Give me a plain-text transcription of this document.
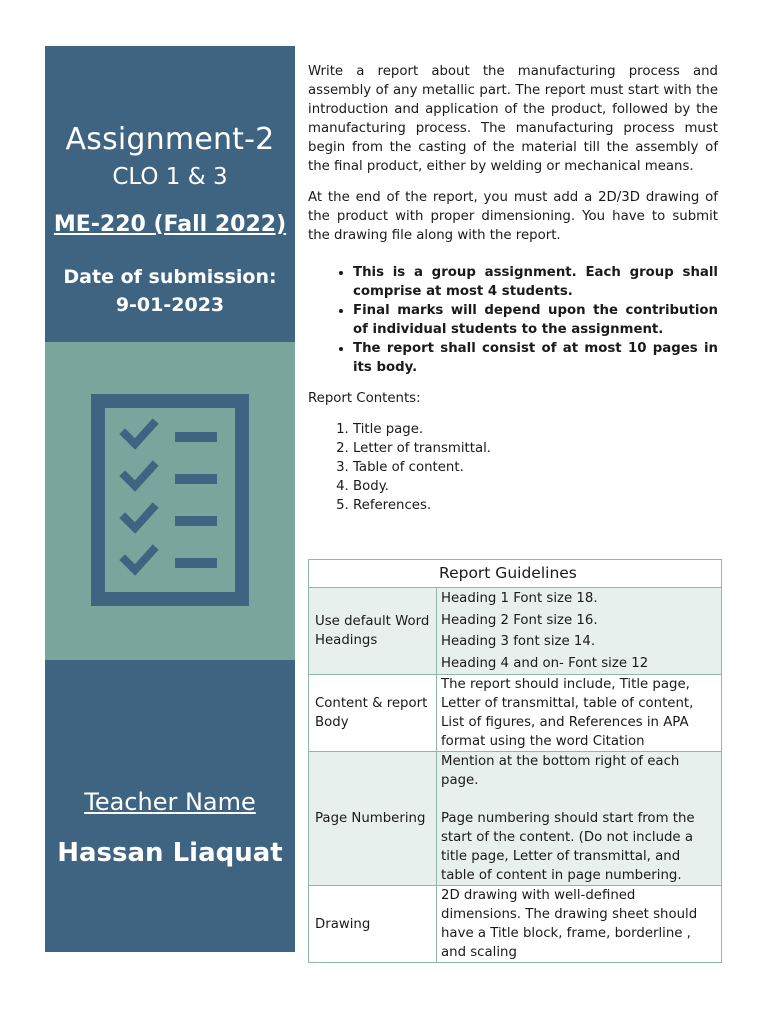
Assignment-2
CLO 1 & 3
ME-220 (Fall 2022)
Date of submission:
9-01-2023
Teacher Name
Hassan Liaquat

Write a report about the manufacturing process and assembly of any metallic part. The report must start with the introduction and application of the product, followed by the manufacturing process. The manufacturing process must begin from the casting of the material till the assembly of the final product, either by welding or mechanical means.

At the end of the report, you must add a 2D/3D drawing of the product with proper dimensioning. You have to submit the drawing file along with the report.

• This is a group assignment. Each group shall comprise at most 4 students.
• Final marks will depend upon the contribution of individual students to the assignment.
• The report shall consist of at most 10 pages in its body.

Report Contents:

1. Title page.
2. Letter of transmittal.
3. Table of content.
4. Body.
5. References.
Report Guidelines	
Use default Word Headings	Heading 1 Font size 18.
Heading 2 Font size 16.
Heading 3 font size 14.
Heading 4 and on- Font size 12

Content & report Body	The report should include, Title page, Letter of transmittal, table of content, List of figures, and References in APA format using the word Citation

Page Numbering	Mention at the bottom right of each page.
Page numbering should start from the start of the content. (Do not include a title page, Letter of transmittal, and table of content in page numbering.

Drawing	2D drawing with well-defined dimensions. The drawing sheet should have a Title block, frame, borderline , and scaling
